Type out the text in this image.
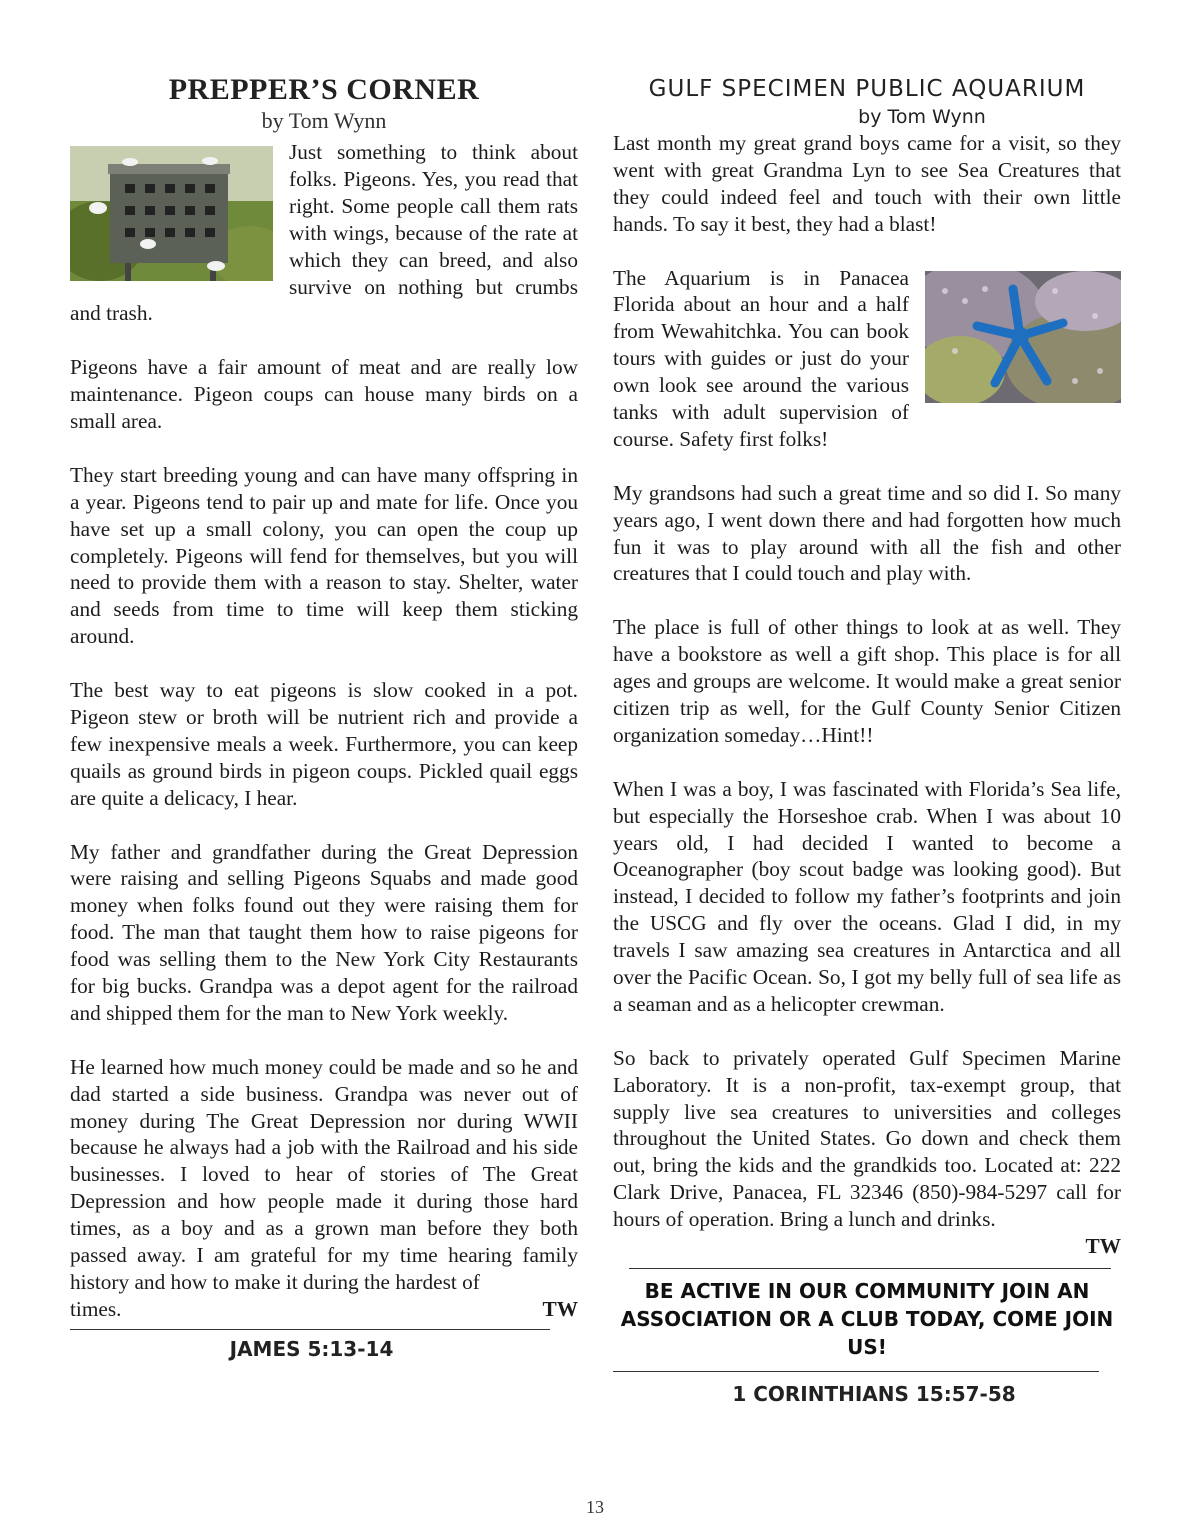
PREPPER’S CORNER
by Tom Wynn

Just something to think about folks. Pigeons. Yes, you read that right. Some people call them rats with wings, because of the rate at which they can breed, and also survive on nothing but crumbs and trash.

Pigeons have a fair amount of meat and are really low maintenance. Pigeon coups can house many birds on a small area.

They start breeding young and can have many offspring in a year. Pigeons tend to pair up and mate for life. Once you have set up a small colony, you can open the coup up completely. Pigeons will fend for themselves, but you will need to provide them with a reason to stay. Shelter, water and seeds from time to time will keep them sticking around.

The best way to eat pigeons is slow cooked in a pot. Pigeon stew or broth will be nutrient rich and provide a few inexpensive meals a week. Furthermore, you can keep quails as ground birds in pigeon coups. Pickled quail eggs are quite a delicacy, I hear.

My father and grandfather during the Great Depression were raising and selling Pigeons Squabs and made good money when folks found out they were raising them for food. The man that taught them how to raise pigeons for food was selling them to the New York City Restaurants for big bucks. Grandpa was a depot agent for the railroad and shipped them for the man to New York weekly.

He learned how much money could be made and so he and dad started a side business. Grandpa was never out of money during The Great Depression nor during WWII because he always had a job with the Railroad and his side businesses. I loved to hear of stories of The Great Depression and how people made it during those hard times, as a boy and as a grown man before they both passed away. I am grateful for my time hearing family history and how to make it during the hardest of

times.	TW
JAMES 5:13-14
GULF SPECIMEN PUBLIC AQUARIUM
by Tom Wynn

Last month my great grand boys came for a visit, so they went with great Grandma Lyn to see Sea Creatures that they could indeed feel and touch with their own little hands. To say it best, they had a blast!

The Aquarium is in Panacea Florida about an hour and a half from Wewahitchka. You can book tours with guides or just do your own look see around the various tanks with adult supervision of course. Safety first folks!

My grandsons had such a great time and so did I. So many years ago, I went down there and had forgotten how much fun it was to play around with all the fish and other creatures that I could touch and play with.

The place is full of other things to look at as well. They have a bookstore as well a gift shop. This place is for all ages and groups are welcome. It would make a great senior citizen trip as well, for the Gulf County Senior Citizen organization someday…Hint!!

When I was a boy, I was fascinated with Florida’s Sea life, but especially the Horseshoe crab. When I was about 10 years old, I had decided I wanted to become a Oceanographer (boy scout badge was looking good). But instead, I decided to follow my father’s footprints and join the USCG and fly over the oceans. Glad I did, in my travels I saw amazing sea creatures in Antarctica and all over the Pacific Ocean. So, I got my belly full of sea life as a seaman and as a helicopter crewman.

So back to privately operated Gulf Specimen Marine Laboratory. It is a non-profit, tax-exempt group, that supply live sea creatures to universities and colleges throughout the United States. Go down and check them out, bring the kids and the grandkids too. Located at: 222 Clark Drive, Panacea, FL 32346 (850)-984-5297 call for hours of operation. Bring a lunch and drinks.

TW
BE ACTIVE IN OUR COMMUNITY JOIN AN ASSOCIATION OR A CLUB TODAY, COME JOIN US!
1 CORINTHIANS 15:57-58
13
